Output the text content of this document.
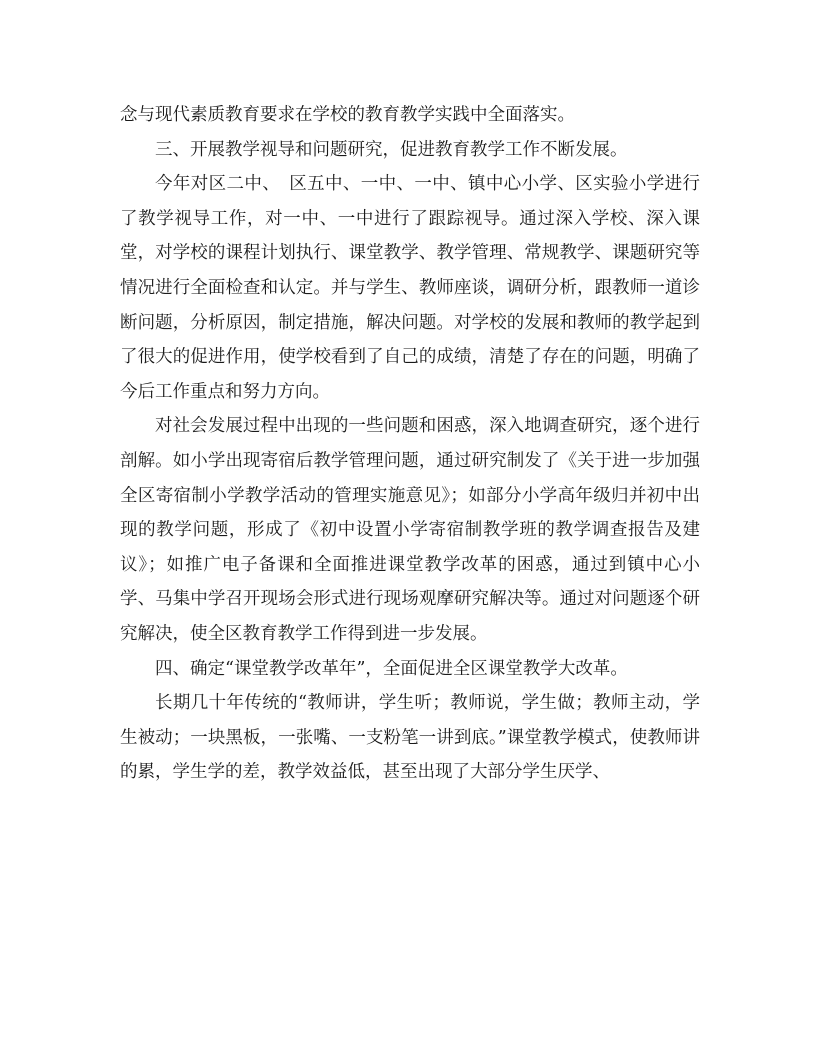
念与现代素质教育要求在学校的教育教学实践中全面落实。

三、开展教学视导和问题研究，促进教育教学工作不断发展。

今年对区二中、　区五中、一中、一中、镇中心小学、区实验小学进行了教学视导工作，对一中、一中进行了跟踪视导。通过深入学校、深入课堂，对学校的课程计划执行、课堂教学、教学管理、常规教学、课题研究等情况进行全面检查和认定。并与学生、教师座谈，调研分析，跟教师一道诊断问题，分析原因，制定措施，解决问题。对学校的发展和教师的教学起到了很大的促进作用，使学校看到了自己的成绩，清楚了存在的问题，明确了今后工作重点和努力方向。

对社会发展过程中出现的一些问题和困惑，深入地调查研究，逐个进行剖解。如小学出现寄宿后教学管理问题，通过研究制发了《关于进一步加强全区寄宿制小学教学活动的管理实施意见》；如部分小学高年级归并初中出现的教学问题，形成了《初中设置小学寄宿制教学班的教学调查报告及建议》；如推广电子备课和全面推进课堂教学改革的困惑，通过到镇中心小学、马集中学召开现场会形式进行现场观摩研究解决等。通过对问题逐个研究解决，使全区教育教学工作得到进一步发展。

四、确定“课堂教学改革年”，全面促进全区课堂教学大改革。

长期几十年传统的“教师讲，学生听；教师说，学生做；教师主动，学生被动；一块黑板，一张嘴、一支粉笔一讲到底。”课堂教学模式，使教师讲的累，学生学的差，教学效益低，甚至出现了大部分学生厌学、
